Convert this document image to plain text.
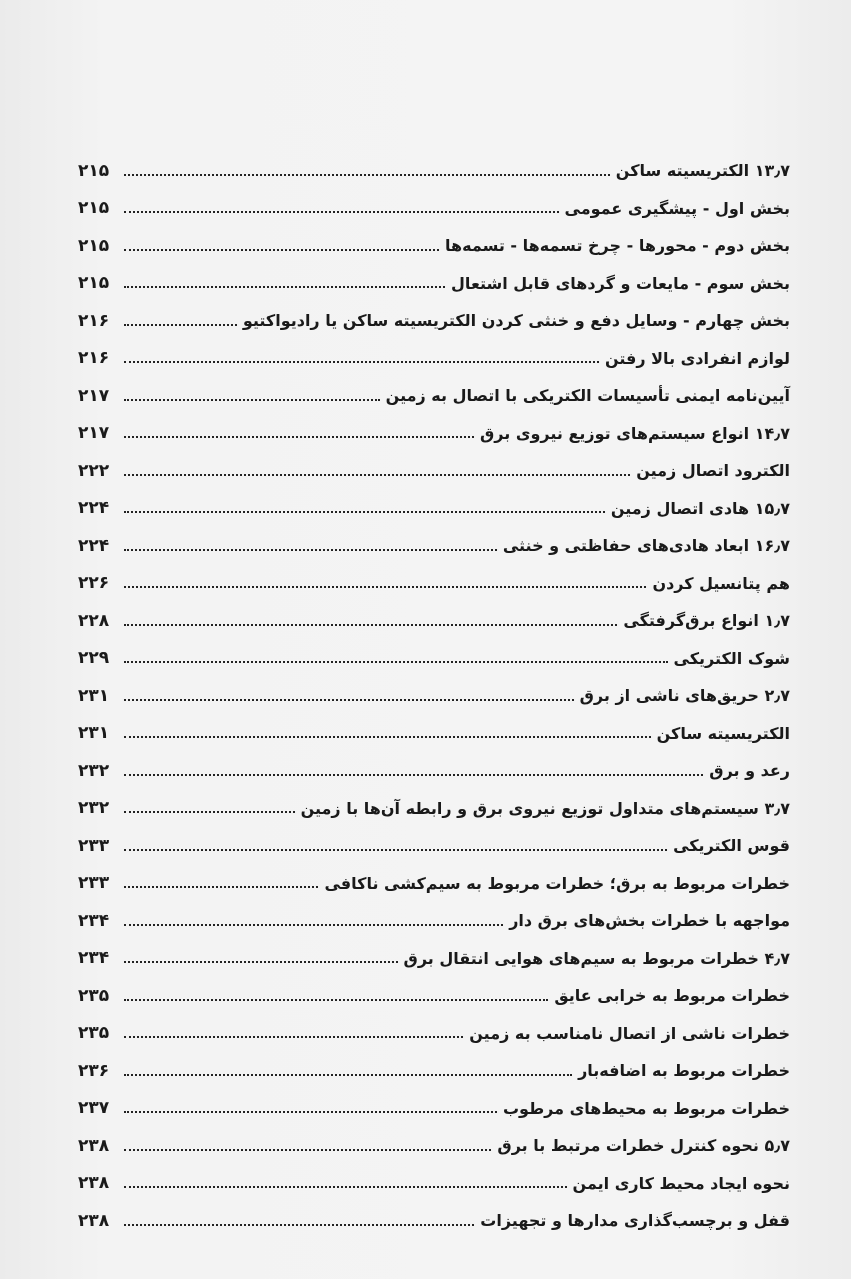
۲۱۵	۱۳٫۷ الکتریسیته ساکن
۲۱۵	بخش اول - پیشگیری عمومی
۲۱۵	بخش دوم - محورها - چرخ تسمه‌ها - تسمه‌ها
۲۱۵	بخش سوم - مایعات و گردهای قابل اشتعال
۲۱۶	بخش چهارم - وسایل دفع و خنثی کردن الکتریسیته ساکن یا رادیواکتیو
۲۱۶	لوازم انفرادی بالا رفتن
۲۱۷	آیین‌نامه ایمنی تأسیسات الکتریکی با اتصال به زمین
۲۱۷	۱۴٫۷ انواع سیستم‌های توزیع نیروی برق
۲۲۲	الکترود اتصال زمین
۲۲۴	۱۵٫۷ هادی اتصال زمین
۲۲۴	۱۶٫۷ ابعاد هادی‌های حفاظتی و خنثی
۲۲۶	هم پتانسیل کردن
۲۲۸	۱٫۷ انواع برق‌گرفتگی
۲۲۹	شوک الکتریکی
۲۳۱	۲٫۷ حریق‌های ناشی از برق
۲۳۱	الکتریسیته ساکن
۲۳۲	رعد و برق
۲۳۲	۳٫۷ سیستم‌های متداول توزیع نیروی برق و رابطه آن‌ها با زمین
۲۳۳	قوس الکتریکی
۲۳۳	خطرات مربوط به برق؛ خطرات مربوط به سیم‌کشی ناکافی
۲۳۴	مواجهه با خطرات بخش‌های برق دار
۲۳۴	۴٫۷ خطرات مربوط به سیم‌های هوایی انتقال برق
۲۳۵	خطرات مربوط به خرابی عایق
۲۳۵	خطرات ناشی از اتصال نامناسب به زمین
۲۳۶	خطرات مربوط به اضافه‌بار
۲۳۷	خطرات مربوط به محیط‌های مرطوب
۲۳۸	۵٫۷ نحوه کنترل خطرات مرتبط با برق
۲۳۸	نحوه ایجاد محیط کاری ایمن
۲۳۸	قفل و برچسب‌گذاری مدارها و تجهیزات
